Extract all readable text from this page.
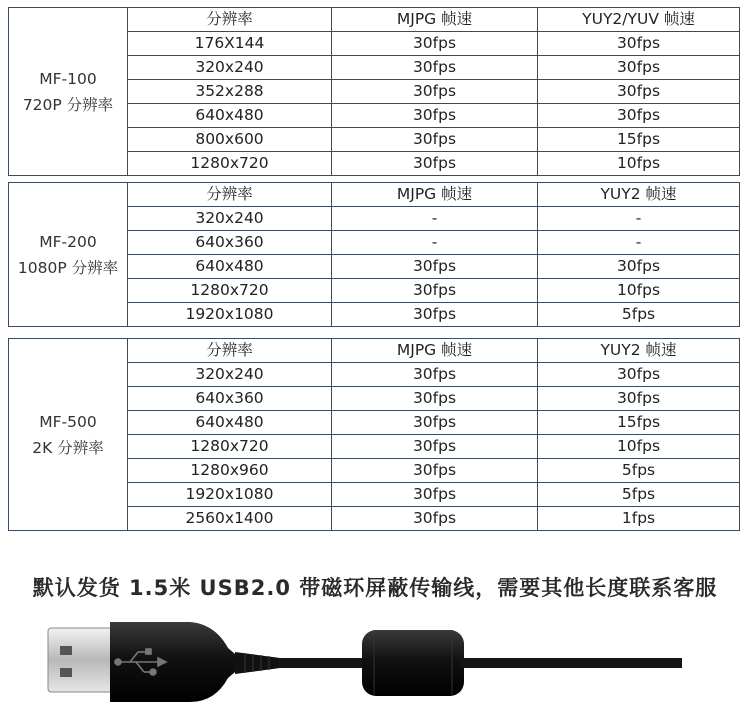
MF-100
720P 分辨率	分辨率	MJPG 帧速	YUY2/YUV 帧速
	176X144	30fps	30fps
	320x240	30fps	30fps
	352x288	30fps	30fps
	640x480	30fps	30fps
	800x600	30fps	15fps
	1280x720	30fps	10fps
MF-200
1080P 分辨率	分辨率	MJPG 帧速	YUY2 帧速
	320x240	-	-
	640x360	-	-
	640x480	30fps	30fps
	1280x720	30fps	10fps
	1920x1080	30fps	5fps
MF-500
2K 分辨率	分辨率	MJPG 帧速	YUY2 帧速
	320x240	30fps	30fps
	640x360	30fps	30fps
	640x480	30fps	15fps
	1280x720	30fps	10fps
	1280x960	30fps	5fps
	1920x1080	30fps	5fps
	2560x1400	30fps	1fps
默认发货 1.5米 USB2.0 带磁环屏蔽传输线，需要其他长度联系客服
